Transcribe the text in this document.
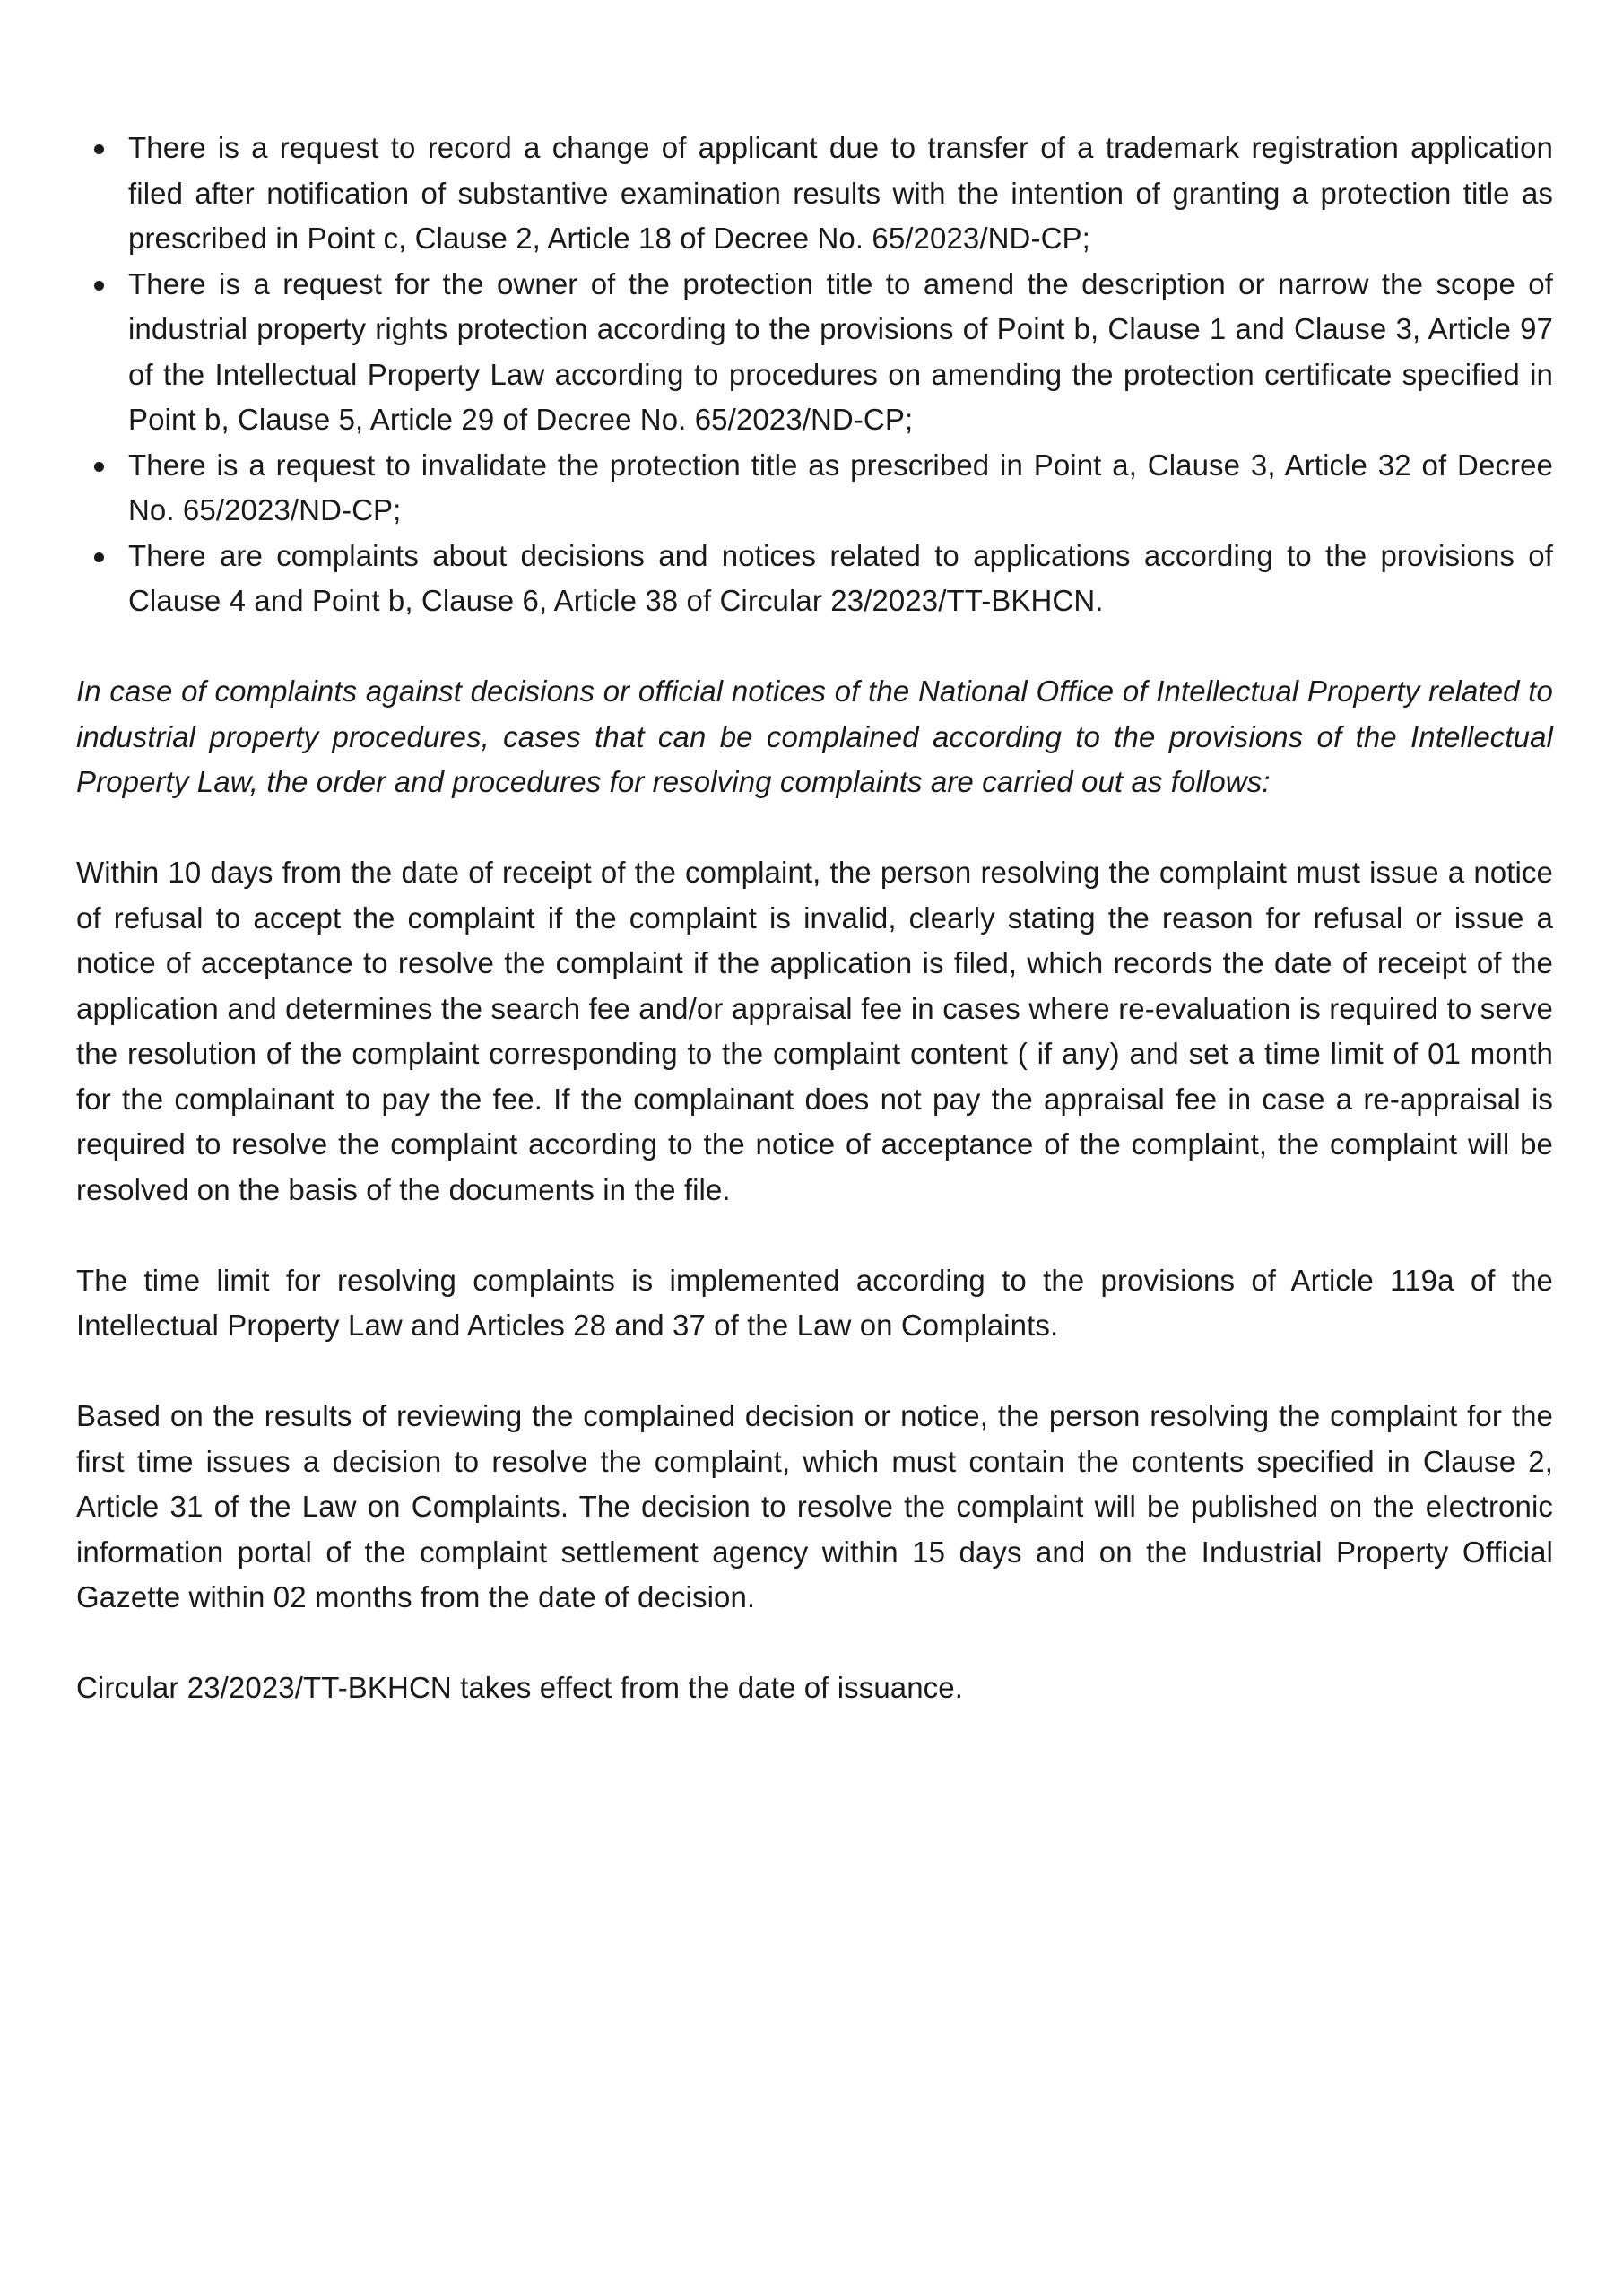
There is a request to record a change of applicant due to transfer of a trademark registration application filed after notification of substantive examination results with the intention of granting a protection title as prescribed in Point c, Clause 2, Article 18 of Decree No. 65/2023/ND-CP;
There is a request for the owner of the protection title to amend the description or narrow the scope of industrial property rights protection according to the provisions of Point b, Clause 1 and Clause 3, Article 97 of the Intellectual Property Law according to procedures on amending the protection certificate specified in Point b, Clause 5, Article 29 of Decree No. 65/2023/ND-CP;
There is a request to invalidate the protection title as prescribed in Point a, Clause 3, Article 32 of Decree No. 65/2023/ND-CP;
There are complaints about decisions and notices related to applications according to the provisions of Clause 4 and Point b, Clause 6, Article 38 of Circular 23/2023/TT-BKHCN.

In case of complaints against decisions or official notices of the National Office of Intellectual Property related to industrial property procedures, cases that can be complained according to the provisions of the Intellectual Property Law, the order and procedures for resolving complaints are carried out as follows:

Within 10 days from the date of receipt of the complaint, the person resolving the complaint must issue a notice of refusal to accept the complaint if the complaint is invalid, clearly stating the reason for refusal or issue a notice of acceptance to resolve the complaint if the application is filed, which records the date of receipt of the application and determines the search fee and/or appraisal fee in cases where re-evaluation is required to serve the resolution of the complaint corresponding to the complaint content ( if any) and set a time limit of 01 month for the complainant to pay the fee. If the complainant does not pay the appraisal fee in case a re-appraisal is required to resolve the complaint according to the notice of acceptance of the complaint, the complaint will be resolved on the basis of the documents in the file.

The time limit for resolving complaints is implemented according to the provisions of Article 119a of the Intellectual Property Law and Articles 28 and 37 of the Law on Complaints.

Based on the results of reviewing the complained decision or notice, the person resolving the complaint for the first time issues a decision to resolve the complaint, which must contain the contents specified in Clause 2, Article 31 of the Law on Complaints. The decision to resolve the complaint will be published on the electronic information portal of the complaint settlement agency within 15 days and on the Industrial Property Official Gazette within 02 months from the date of decision.

Circular 23/2023/TT-BKHCN takes effect from the date of issuance.
